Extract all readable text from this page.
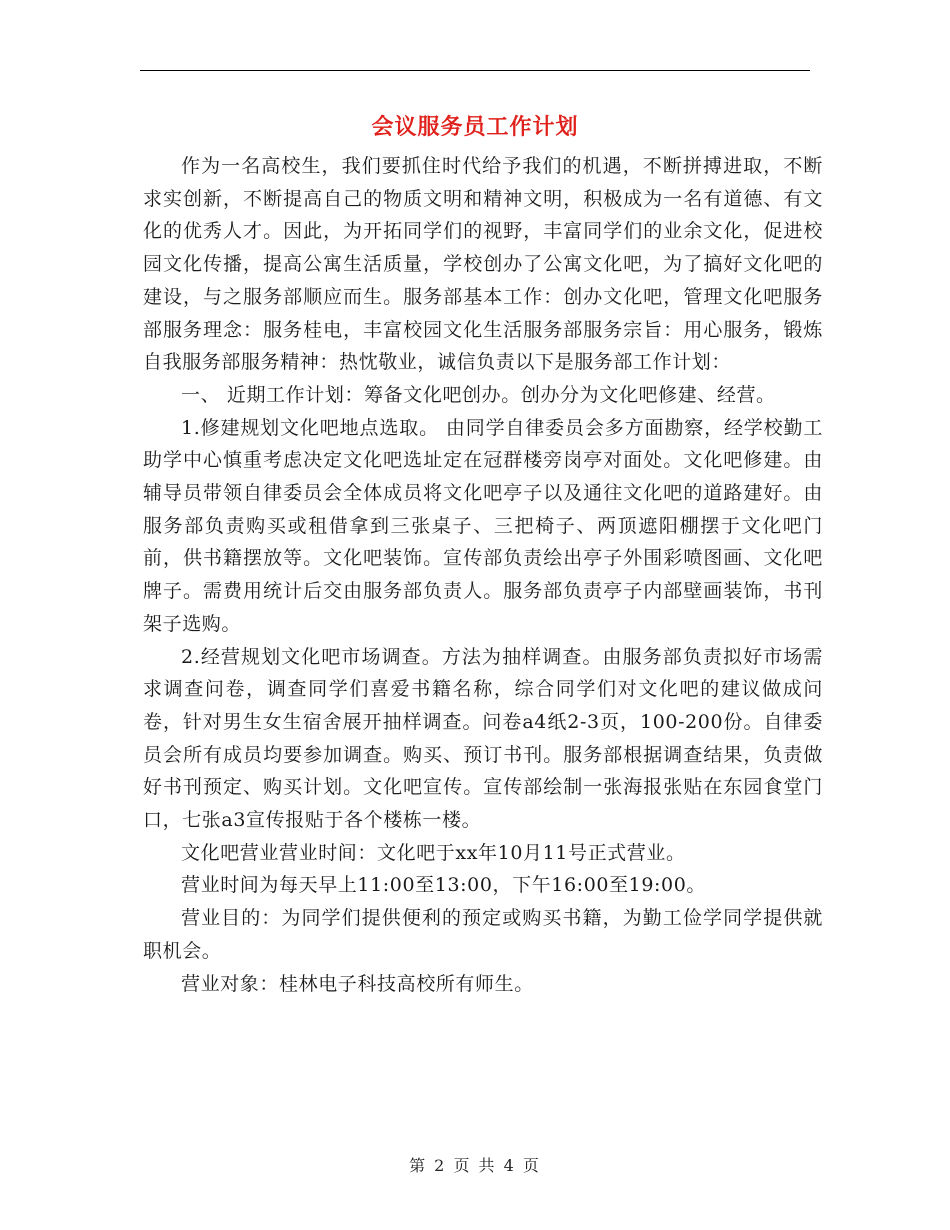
会议服务员工作计划

作为一名高校生，我们要抓住时代给予我们的机遇，不断拼搏进取，不断求实创新，不断提高自己的物质文明和精神文明，积极成为一名有道德、有文化的优秀人才。因此，为开拓同学们的视野，丰富同学们的业余文化，促进校园文化传播，提高公寓生活质量，学校创办了公寓文化吧，为了搞好文化吧的建设，与之服务部顺应而生。服务部基本工作：创办文化吧，管理文化吧服务部服务理念：服务桂电，丰富校园文化生活服务部服务宗旨：用心服务，锻炼自我服务部服务精神：热忱敬业，诚信负责以下是服务部工作计划：

一、 近期工作计划：筹备文化吧创办。创办分为文化吧修建、经营。

1.修建规划文化吧地点选取。 由同学自律委员会多方面勘察，经学校勤工助学中心慎重考虑决定文化吧选址定在冠群楼旁岗亭对面处。文化吧修建。由辅导员带领自律委员会全体成员将文化吧亭子以及通往文化吧的道路建好。由服务部负责购买或租借拿到三张桌子、三把椅子、两顶遮阳棚摆于文化吧门前，供书籍摆放等。文化吧装饰。宣传部负责绘出亭子外围彩喷图画、文化吧牌子。需费用统计后交由服务部负责人。服务部负责亭子内部壁画装饰，书刊架子选购。

2.经营规划文化吧市场调查。方法为抽样调查。由服务部负责拟好市场需求调查问卷，调查同学们喜爱书籍名称，综合同学们对文化吧的建议做成问卷，针对男生女生宿舍展开抽样调查。问卷a4纸2-3页，100-200份。自律委员会所有成员均要参加调查。购买、预订书刊。服务部根据调查结果，负责做好书刊预定、购买计划。文化吧宣传。宣传部绘制一张海报张贴在东园食堂门口，七张a3宣传报贴于各个楼栋一楼。

文化吧营业营业时间：文化吧于xx年10月11号正式营业。

营业时间为每天早上11:00至13:00，下午16:00至19:00。

营业目的：为同学们提供便利的预定或购买书籍，为勤工俭学同学提供就职机会。

营业对象：桂林电子科技高校所有师生。

第 2 页 共 4 页
